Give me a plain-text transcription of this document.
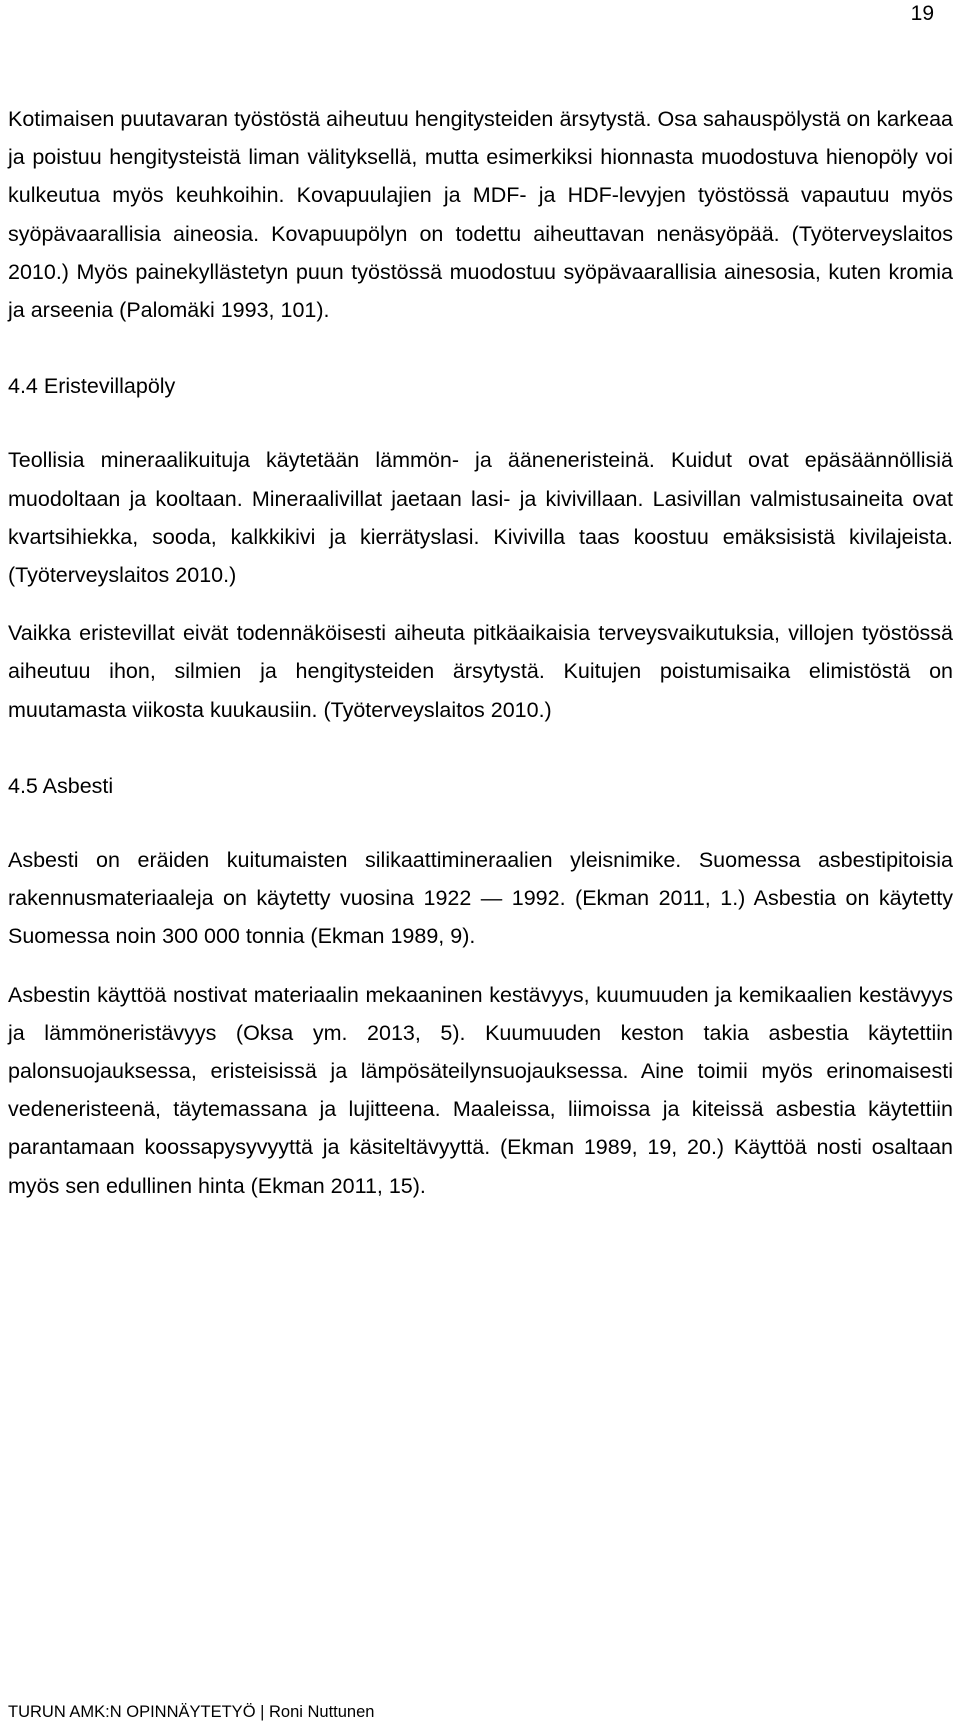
19

Kotimaisen puutavaran työstöstä aiheutuu hengitysteiden ärsytystä. Osa sahauspölystä on karkeaa ja poistuu hengitysteistä liman välityksellä, mutta esimerkiksi hionnasta muodostuva hienopöly voi kulkeutua myös keuhkoihin. Kovapuulajien ja MDF- ja HDF-levyjen työstössä vapautuu myös syöpävaarallisia aineosia. Kovapuupölyn on todettu aiheuttavan nenäsyöpää. (Työterveyslaitos 2010.) Myös painekyllästetyn puun työstössä muodostuu syöpävaarallisia ainesosia, kuten kromia ja arseenia (Palomäki 1993, 101).

4.4 Eristevillapöly

Teollisia mineraalikuituja käytetään lämmön- ja ääneneristeinä. Kuidut ovat epäsäännöllisiä muodoltaan ja kooltaan. Mineraalivillat jaetaan lasi- ja kivivillaan. Lasivillan valmistusaineita ovat kvartsihiekka, sooda, kalkkikivi ja kierrätyslasi. Kivivilla taas koostuu emäksisistä kivilajeista. (Työterveyslaitos 2010.)

Vaikka eristevillat eivät todennäköisesti aiheuta pitkäaikaisia terveysvaikutuksia, villojen työstössä aiheutuu ihon, silmien ja hengitysteiden ärsytystä. Kuitujen poistumisaika elimistöstä on muutamasta viikosta kuukausiin. (Työterveyslaitos 2010.)

4.5 Asbesti

Asbesti on eräiden kuitumaisten silikaattimineraalien yleisnimike. Suomessa asbestipitoisia rakennusmateriaaleja on käytetty vuosina 1922 — 1992. (Ekman 2011, 1.) Asbestia on käytetty Suomessa noin 300 000 tonnia (Ekman 1989, 9).

Asbestin käyttöä nostivat materiaalin mekaaninen kestävyys, kuumuuden ja kemikaalien kestävyys ja lämmöneristävyys (Oksa ym. 2013, 5). Kuumuuden keston takia asbestia käytettiin palonsuojauksessa, eristeisissä ja lämpösäteilynsuojauksessa. Aine toimii myös erinomaisesti vedeneristeenä, täytemassana ja lujitteena. Maaleissa, liimoissa ja kiteissä asbestia käytettiin parantamaan koossapysyvyyttä ja käsiteltävyyttä. (Ekman 1989, 19, 20.) Käyttöä nosti osaltaan myös sen edullinen hinta (Ekman 2011, 15).

TURUN AMK:N OPINNÄYTETYÖ | Roni Nuttunen
